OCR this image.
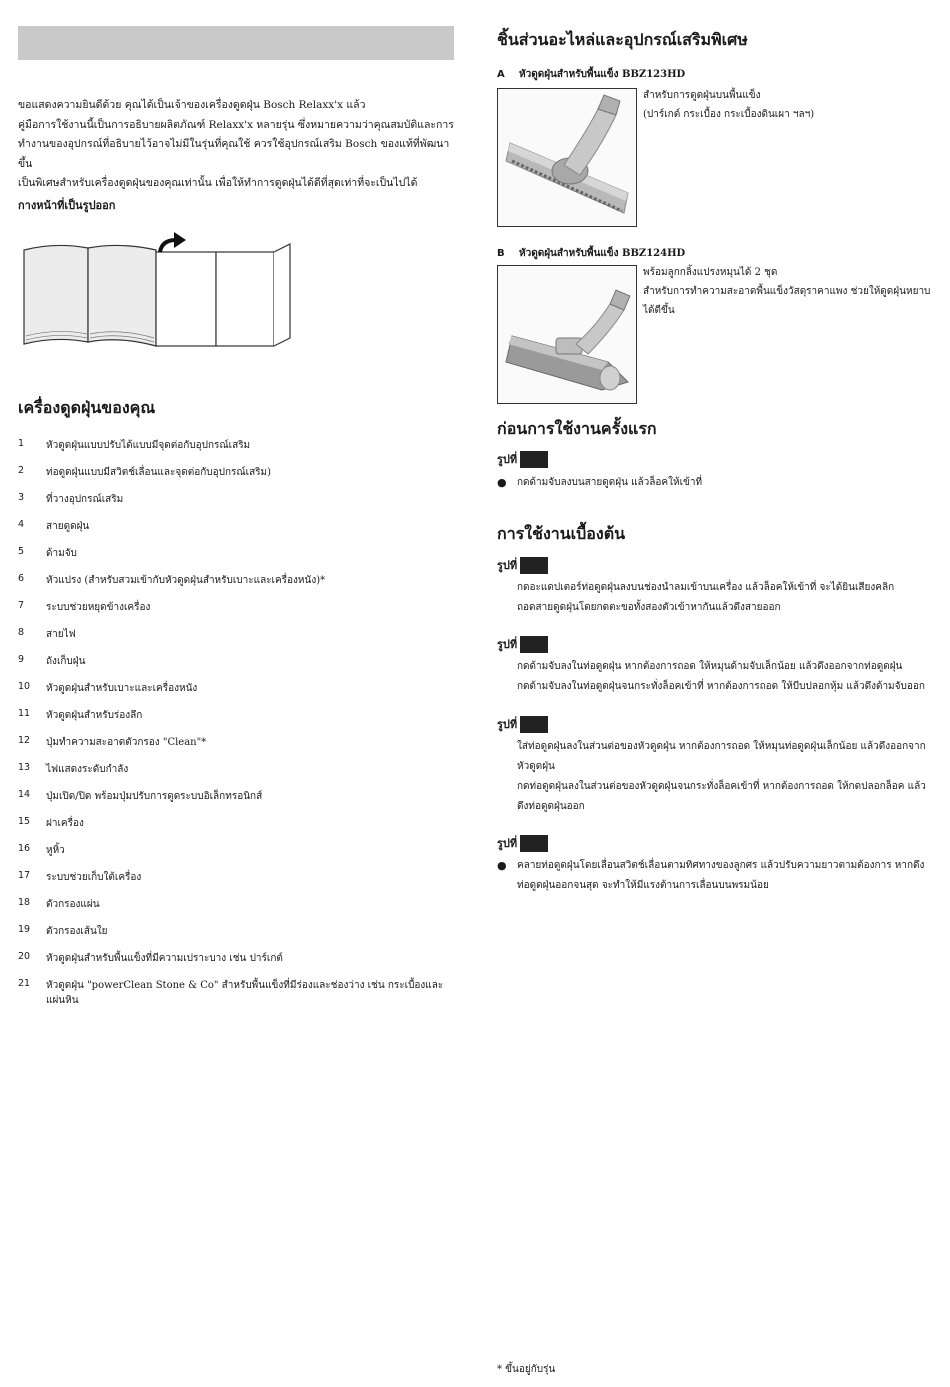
ขอแสดงความยินดีด้วย คุณได้เป็นเจ้าของเครื่องดูดฝุ่น Bosch Relaxx'x แล้ว

คู่มือการใช้งานนี้เป็นการอธิบายผลิตภัณฑ์ Relaxx'x หลายรุ่น ซึ่งหมายความว่าคุณสมบัติและการ

ทำงานของอุปกรณ์ที่อธิบายไว้อาจไม่มีในรุ่นที่คุณใช้ ควรใช้อุปกรณ์เสริม Bosch ของแท้ที่พัฒนาขึ้น

เป็นพิเศษสำหรับเครื่องดูดฝุ่นของคุณเท่านั้น เพื่อให้ทำการดูดฝุ่นได้ดีที่สุดเท่าที่จะเป็นไปได้

กางหน้าที่เป็นรูปออก
เครื่องดูดฝุ่นของคุณ
1	หัวดูดฝุ่นแบบปรับได้แบบมีจุดต่อกับอุปกรณ์เสริม
2	ท่อดูดฝุ่นแบบมีสวิตช์เลื่อนและจุดต่อกับอุปกรณ์เสริม)
3	ที่วางอุปกรณ์เสริม
4	สายดูดฝุ่น
5	ด้ามจับ
6	หัวแปรง (สำหรับสวมเข้ากับหัวดูดฝุ่นสำหรับเบาะและเครื่องหนัง)*
7	ระบบช่วยหยุดข้างเครื่อง
8	สายไฟ
9	ถังเก็บฝุ่น
10	หัวดูดฝุ่นสำหรับเบาะและเครื่องหนัง
11	หัวดูดฝุ่นสำหรับร่องลึก
12	ปุ่มทำความสะอาดตัวกรอง "Clean"*
13	ไฟแสดงระดับกำลัง
14	ปุ่มเปิด/ปิด พร้อมปุ่มปรับการดูดระบบอิเล็กทรอนิกส์
15	ฝาเครื่อง
16	หูหิ้ว
17	ระบบช่วยเก็บใต้เครื่อง
18	ตัวกรองแผ่น
19	ตัวกรองเส้นใย
20	หัวดูดฝุ่นสำหรับพื้นแข็งที่มีความเปราะบาง เช่น ปาร์เกต์
21	หัวดูดฝุ่น "powerClean Stone & Co" สำหรับพื้นแข็งที่มีร่องและช่องว่าง เช่น กระเบื้องและแผ่นหิน
ชิ้นส่วนอะไหล่และอุปกรณ์เสริมพิเศษ
A หัวดูดฝุ่นสำหรับพื้นแข็ง BBZ123HD
สำหรับการดูดฝุ่นบนพื้นแข็ง
(ปาร์เกต์ กระเบื้อง กระเบื้องดินเผา ฯลฯ)
B หัวดูดฝุ่นสำหรับพื้นแข็ง BBZ124HD
พร้อมลูกกลิ้งแปรงหมุนได้ 2 ชุด
สำหรับการทำความสะอาดพื้นแข็งวัสดุราคาแพง ช่วยให้ดูดฝุ่นหยาบ
ได้ดีขึ้น
ก่อนการใช้งานครั้งแรก
รูปที่
●	กดด้ามจับลงบนสายดูดฝุ่น แล้วล็อคให้เข้าที่
การใช้งานเบื้องต้น
รูปที่

กดอะแดปเตอร์ท่อดูดฝุ่นลงบนช่องนำลมเข้าบนเครื่อง แล้วล็อคให้เข้าที่ จะได้ยินเสียงคลิก

ถอดสายดูดฝุ่นโดยกดตะขอทั้งสองตัวเข้าหากันแล้วดึงสายออก

รูปที่

กดด้ามจับลงในท่อดูดฝุ่น หากต้องการถอด ให้หมุนด้ามจับเล็กน้อย แล้วดึงออกจากท่อดูดฝุ่น

กดด้ามจับลงในท่อดูดฝุ่นจนกระทั่งล็อคเข้าที่ หากต้องการถอด ให้บีบปลอกหุ้ม แล้วดึงด้ามจับออก

รูปที่

ใส่ท่อดูดฝุ่นลงในส่วนต่อของหัวดูดฝุ่น หากต้องการถอด ให้หมุนท่อดูดฝุ่นเล็กน้อย แล้วดึงออกจาก

หัวดูดฝุ่น

กดท่อดูดฝุ่นลงในส่วนต่อของหัวดูดฝุ่นจนกระทั่งล็อคเข้าที่ หากต้องการถอด ให้กดปลอกล็อค แล้ว

ดึงท่อดูดฝุ่นออก

รูปที่
●	คลายท่อดูดฝุ่นโดยเลื่อนสวิตช์เลื่อนตามทิศทางของลูกศร แล้วปรับความยาวตามต้องการ หากดึง
ท่อดูดฝุ่นออกจนสุด จะทำให้มีแรงต้านการเลื่อนบนพรมน้อย
* ขึ้นอยู่กับรุ่น
